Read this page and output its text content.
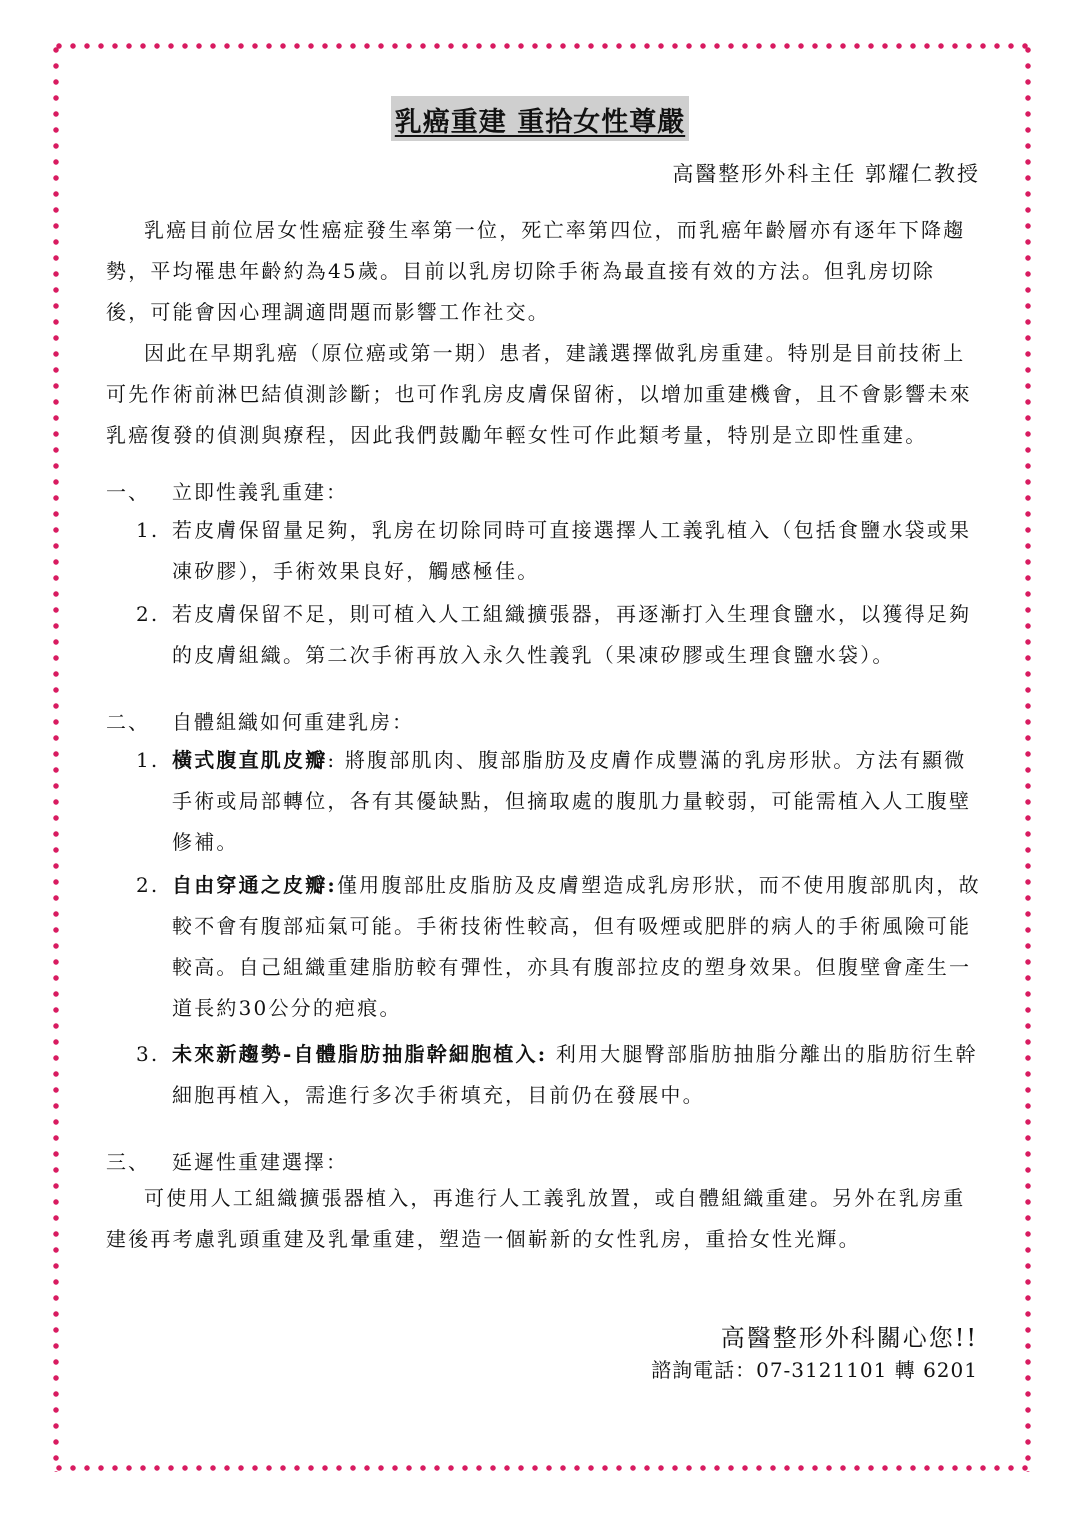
乳癌重建 重拾女性尊嚴
高醫整形外科主任 郭耀仁教授
乳癌目前位居女性癌症發生率第一位，死亡率第四位，而乳癌年齡層亦有逐年下降趨勢，平均罹患年齡約為45歲。目前以乳房切除手術為最直接有效的方法。但乳房切除後，可能會因心理調適問題而影響工作社交。
因此在早期乳癌（原位癌或第一期）患者，建議選擇做乳房重建。特別是目前技術上可先作術前淋巴結偵測診斷；也可作乳房皮膚保留術，以增加重建機會，且不會影響未來乳癌復發的偵測與療程，因此我們鼓勵年輕女性可作此類考量，特別是立即性重建。
一、 立即性義乳重建：
1. 若皮膚保留量足夠，乳房在切除同時可直接選擇人工義乳植入（包括食鹽水袋或果凍矽膠），手術效果良好，觸感極佳。
2. 若皮膚保留不足，則可植入人工組織擴張器，再逐漸打入生理食鹽水，以獲得足夠的皮膚組織。第二次手術再放入永久性義乳（果凍矽膠或生理食鹽水袋）。
二、 自體組織如何重建乳房：
1. 橫式腹直肌皮瓣: 將腹部肌肉、腹部脂肪及皮膚作成豐滿的乳房形狀。方法有顯微手術或局部轉位，各有其優缺點，但摘取處的腹肌力量較弱，可能需植入人工腹壁修補。
2. 自由穿通之皮瓣:僅用腹部肚皮脂肪及皮膚塑造成乳房形狀，而不使用腹部肌肉，故較不會有腹部疝氣可能。手術技術性較高，但有吸煙或肥胖的病人的手術風險可能較高。自己組織重建脂肪較有彈性，亦具有腹部拉皮的塑身效果。但腹壁會產生一道長約30公分的疤痕。
3. 未來新趨勢-自體脂肪抽脂幹細胞植入: 利用大腿臀部脂肪抽脂分離出的脂肪衍生幹細胞再植入，需進行多次手術填充，目前仍在發展中。
三、 延遲性重建選擇：
可使用人工組織擴張器植入，再進行人工義乳放置，或自體組織重建。另外在乳房重建後再考慮乳頭重建及乳暈重建，塑造一個嶄新的女性乳房，重拾女性光輝。
高醫整形外科關心您!!
諮詢電話：07-3121101 轉 6201
